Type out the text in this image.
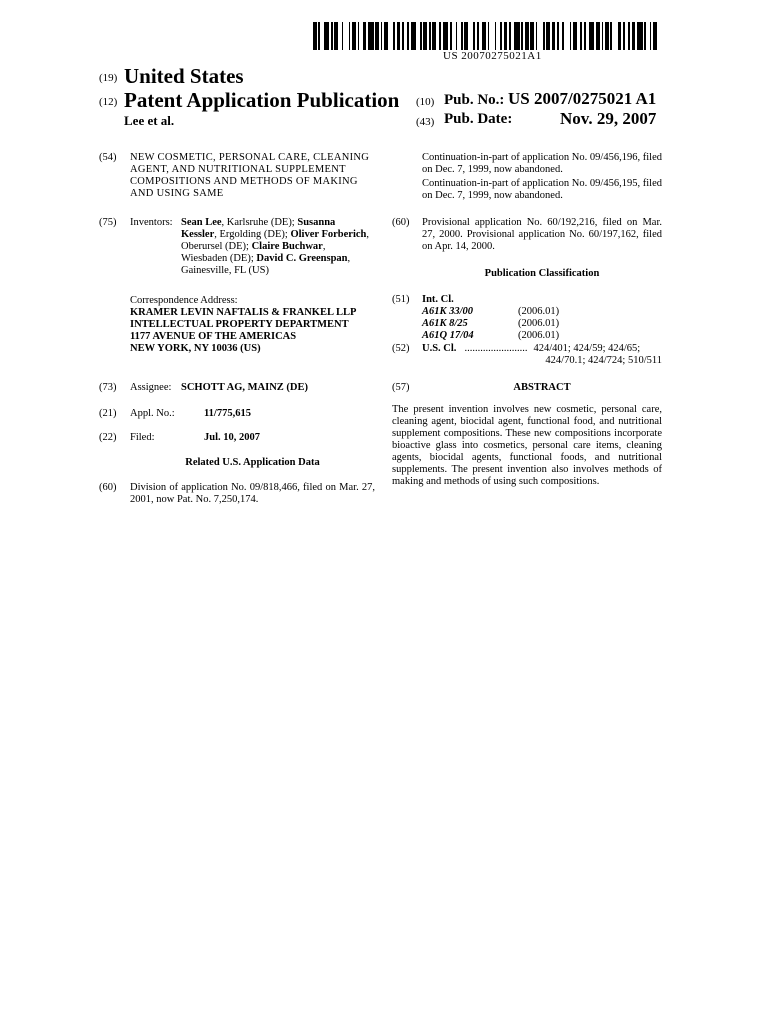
US 20070275021A1
(19) United States
(12) Patent Application Publication
Lee et al.
(10) Pub. No.: US 2007/0275021 A1
(43) Pub. Date:	Nov. 29, 2007
(54) NEW COSMETIC, PERSONAL CARE, CLEANING AGENT, AND NUTRITIONAL SUPPLEMENT COMPOSITIONS AND METHODS OF MAKING AND USING SAME
(75) Inventors: Sean Lee, Karlsruhe (DE); Susanna Kessler, Ergolding (DE); Oliver Forberich, Oberursel (DE); Claire Buchwar, Wiesbaden (DE); David C. Greenspan, Gainesville, FL (US)
Correspondence Address:
KRAMER LEVIN NAFTALIS & FRANKEL LLP
INTELLECTUAL PROPERTY DEPARTMENT
1177 AVENUE OF THE AMERICAS
NEW YORK, NY 10036 (US)
(73) Assignee: SCHOTT AG, MAINZ (DE)
(21) Appl. No.:	11/775,615
(22) Filed:	Jul. 10, 2007
Related U.S. Application Data
(60) Division of application No. 09/818,466, filed on Mar. 27, 2001, now Pat. No. 7,250,174.
Continuation-in-part of application No. 09/456,196, filed on Dec. 7, 1999, now abandoned.
Continuation-in-part of application No. 09/456,195, filed on Dec. 7, 1999, now abandoned.
(60) Provisional application No. 60/192,216, filed on Mar. 27, 2000. Provisional application No. 60/197,162, filed on Apr. 14, 2000.
Publication Classification
(51) Int. Cl.
A61K 33/00	(2006.01)
A61K 8/25	(2006.01)
A61Q 17/04	(2006.01)
(52) U.S. Cl. ........................ 424/401; 424/59; 424/65;
424/70.1; 424/724; 510/511
(57)	ABSTRACT
The present invention involves new cosmetic, personal care, cleaning agent, biocidal agent, functional food, and nutritional supplement compositions. These new compositions incorporate bioactive glass into cosmetics, personal care items, cleaning agents, biocidal agents, functional foods, and nutritional supplements. The present invention also involves methods of making and methods of using such compositions.
